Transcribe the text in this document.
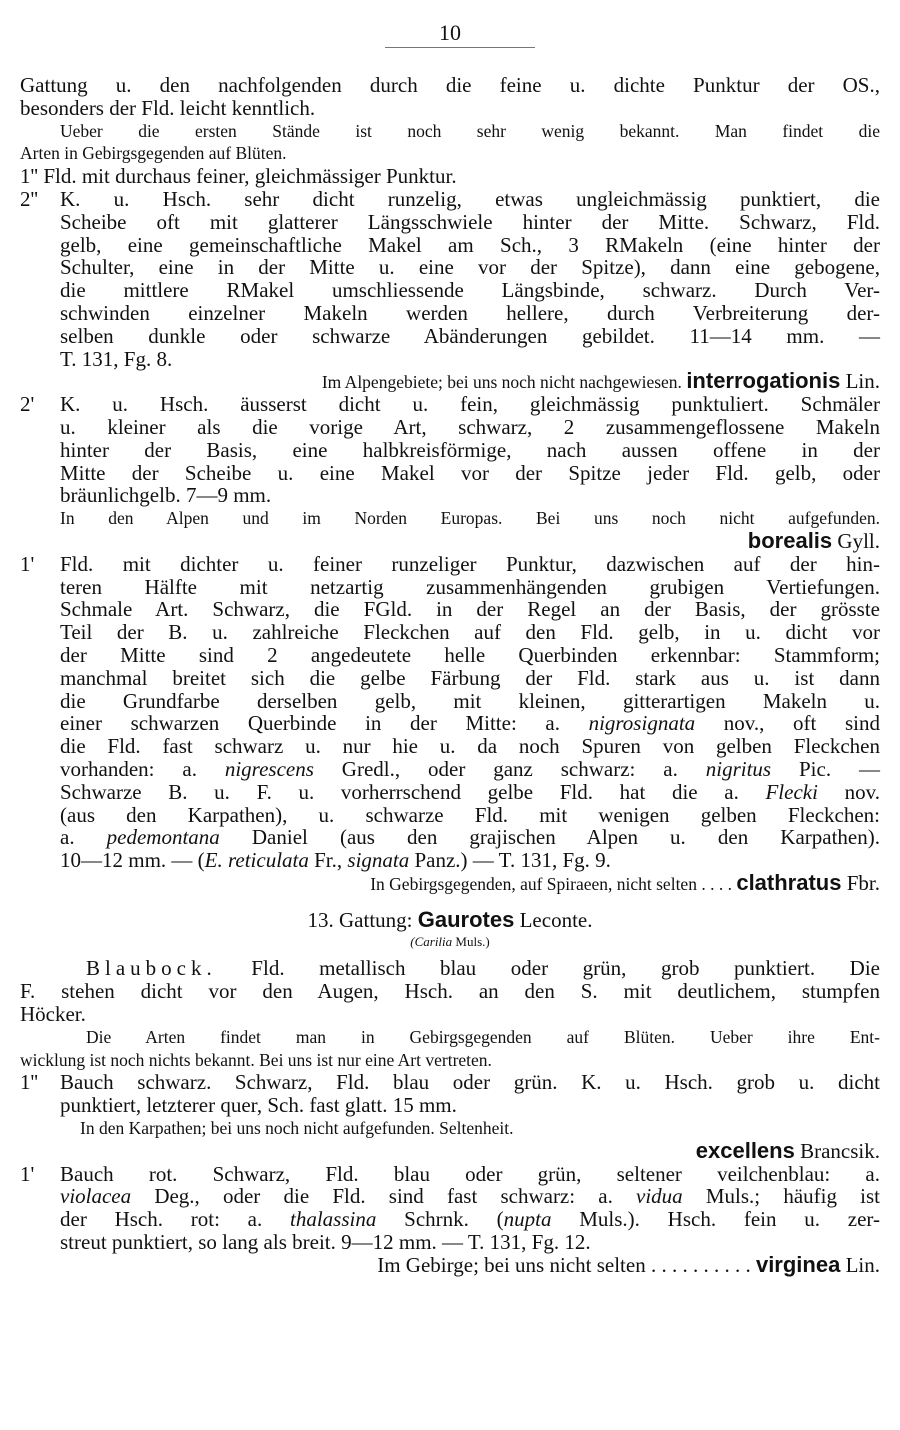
10
Gattung u. den nachfolgenden durch die feine u. dichte Punktur der OS.,
besonders der Fld. leicht kenntlich.
Ueber die ersten Stände ist noch sehr wenig bekannt. Man findet die
Arten in Gebirgsgegenden auf Blüten.
1'' Fld. mit durchaus feiner, gleichmässiger Punktur.
2''	K. u. Hsch. sehr dicht runzelig, etwas ungleichmässig punktiert, die
Scheibe oft mit glatterer Längsschwiele hinter der Mitte. Schwarz, Fld.
gelb, eine gemeinschaftliche Makel am Sch., 3 RMakeln (eine hinter der
Schulter, eine in der Mitte u. eine vor der Spitze), dann eine gebogene,
die mittlere RMakel umschliessende Längsbinde, schwarz. Durch Ver-
schwinden einzelner Makeln werden hellere, durch Verbreiterung der-
selben dunkle oder schwarze Abänderungen gebildet. 11—14 mm. —
T. 131, Fg. 8.
Im Alpengebiete; bei uns noch nicht nachgewiesen. interrogationis Lin.
2'	K. u. Hsch. äusserst dicht u. fein, gleichmässig punktuliert. Schmäler
u. kleiner als die vorige Art, schwarz, 2 zusammengeflossene Makeln
hinter der Basis, eine halbkreisförmige, nach aussen offene in der
Mitte der Scheibe u. eine Makel vor der Spitze jeder Fld. gelb, oder
bräunlichgelb. 7—9 mm.
In den Alpen und im Norden Europas. Bei uns noch nicht aufgefunden.
borealis Gyll.
1'	Fld. mit dichter u. feiner runzeliger Punktur, dazwischen auf der hin-
teren Hälfte mit netzartig zusammenhängenden grubigen Vertiefungen.
Schmale Art. Schwarz, die FGld. in der Regel an der Basis, der grösste
Teil der B. u. zahlreiche Fleckchen auf den Fld. gelb, in u. dicht vor
der Mitte sind 2 angedeutete helle Querbinden erkennbar: Stammform;
manchmal breitet sich die gelbe Färbung der Fld. stark aus u. ist dann
die Grundfarbe derselben gelb, mit kleinen, gitterartigen Makeln u.
einer schwarzen Querbinde in der Mitte: a. nigrosignata nov., oft sind
die Fld. fast schwarz u. nur hie u. da noch Spuren von gelben Fleckchen
vorhanden: a. nigrescens Gredl., oder ganz schwarz: a. nigritus Pic. —
Schwarze B. u. F. u. vorherrschend gelbe Fld. hat die a. Flecki nov.
(aus den Karpathen), u. schwarze Fld. mit wenigen gelben Fleckchen:
a. pedemontana Daniel (aus den grajischen Alpen u. den Karpathen).
10—12 mm. — (E. reticulata Fr., signata Panz.) — T. 131, Fg. 9.
In Gebirgsgegenden, auf Spiraeen, nicht selten . . . . clathratus Fbr.
13. Gattung: Gaurotes Leconte.
(Carilia Muls.)
Blaubock. Fld. metallisch blau oder grün, grob punktiert. Die
F. stehen dicht vor den Augen, Hsch. an den S. mit deutlichem, stumpfen
Höcker.
Die Arten findet man in Gebirgsgegenden auf Blüten. Ueber ihre Ent-
wicklung ist noch nichts bekannt. Bei uns ist nur eine Art vertreten.
1''	Bauch schwarz. Schwarz, Fld. blau oder grün. K. u. Hsch. grob u. dicht
punktiert, letzterer quer, Sch. fast glatt. 15 mm.
In den Karpathen; bei uns noch nicht aufgefunden. Seltenheit.
excellens Brancsik.
1'	Bauch rot. Schwarz, Fld. blau oder grün, seltener veilchenblau: a.
violacea Deg., oder die Fld. sind fast schwarz: a. vidua Muls.; häufig ist
der Hsch. rot: a. thalassina Schrnk. (nupta Muls.). Hsch. fein u. zer-
streut punktiert, so lang als breit. 9—12 mm. — T. 131, Fg. 12.
Im Gebirge; bei uns nicht selten . . . . . . . . . . virginea Lin.
